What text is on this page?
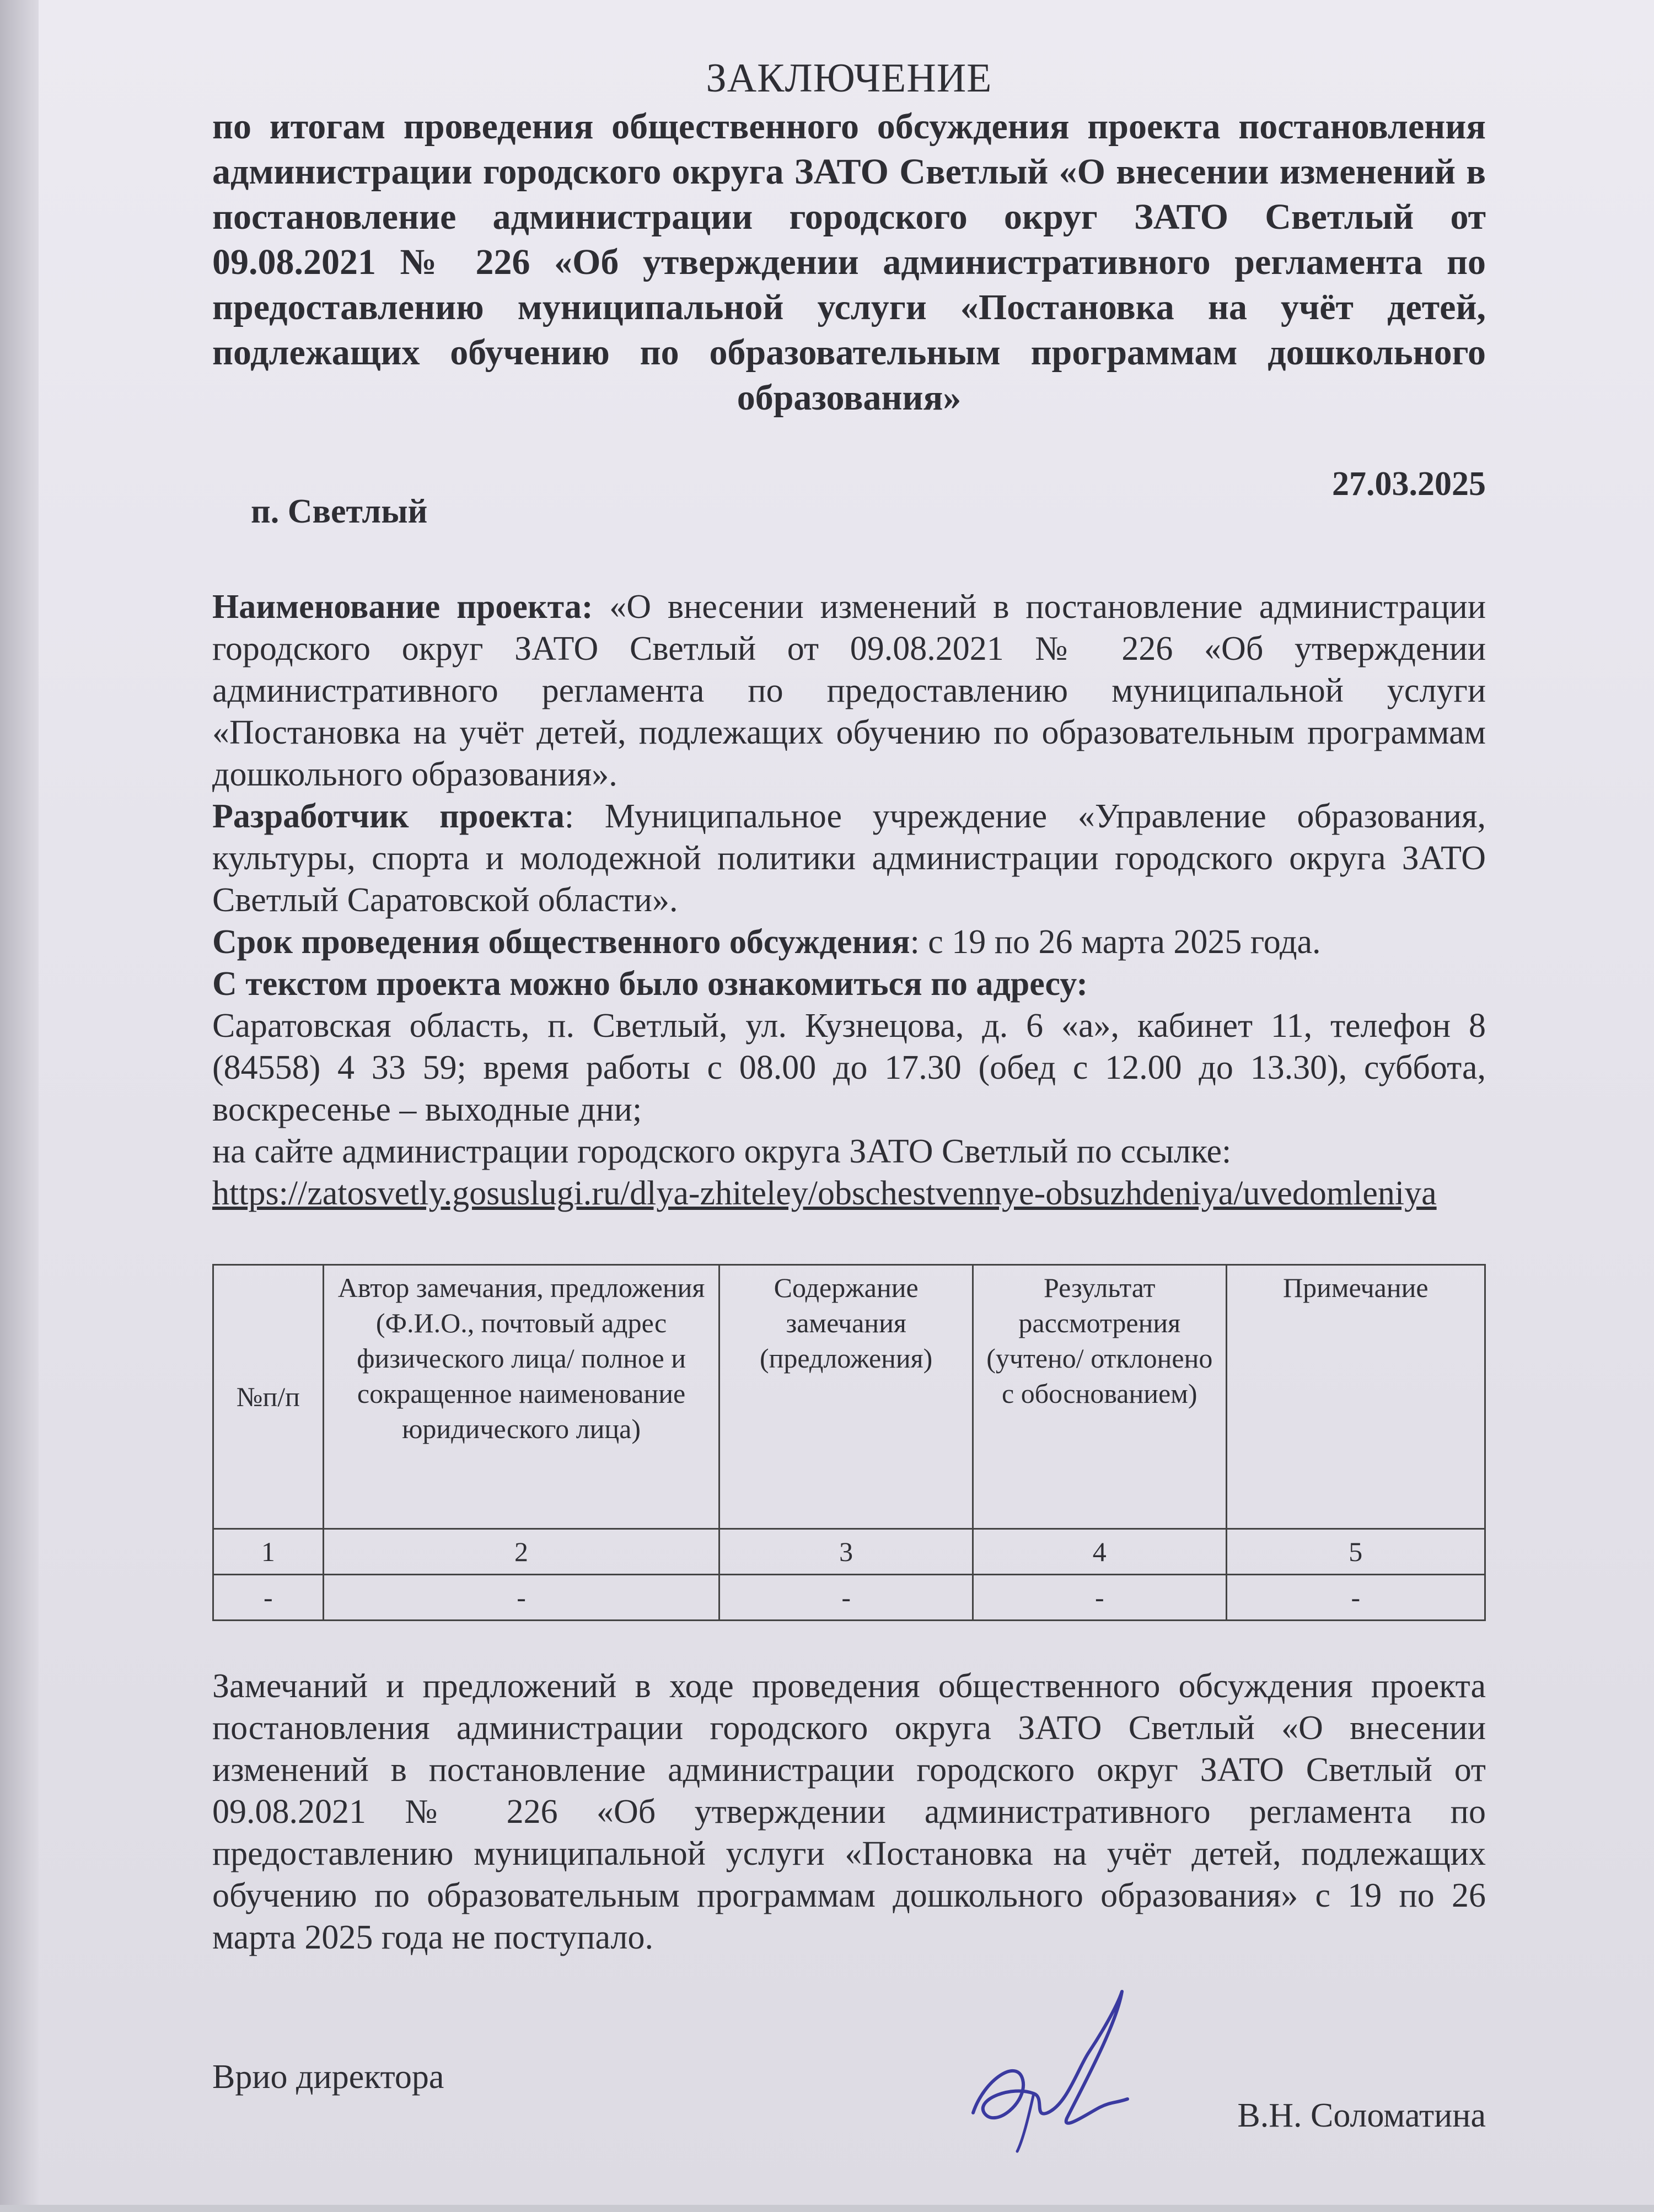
ЗАКЛЮЧЕНИЕ
по итогам проведения общественного обсуждения проекта постановления администрации городского округа ЗАТО Светлый «О внесении изменений в постановление администрации городского округ ЗАТО Светлый от 09.08.2021 № 226 «Об утверждении административного регламента по предоставлению муниципальной услуги «Постановка на учёт детей, подлежащих обучению по образовательным программам дошкольного образования»
п. Светлый
27.03.2025

Наименование проекта: «О внесении изменений в постановление администрации городского округ ЗАТО Светлый от 09.08.2021 № 226 «Об утверждении административного регламента по предоставлению муниципальной услуги «Постановка на учёт детей, подлежащих обучению по образовательным программам дошкольного образования».

Разработчик проекта: Муниципальное учреждение «Управление образования, культуры, спорта и молодежной политики администрации городского округа ЗАТО Светлый Саратовской области».

Срок проведения общественного обсуждения: с 19 по 26 марта 2025 года.

С текстом проекта можно было ознакомиться по адресу:

Саратовская область, п. Светлый, ул. Кузнецова, д. 6 «а», кабинет 11, телефон 8 (84558) 4 33 59; время работы с 08.00 до 17.30 (обед с 12.00 до 13.30), суббота, воскресенье – выходные дни;

на сайте администрации городского округа ЗАТО Светлый по ссылке:

https://zatosvetly.gosuslugi.ru/dlya-zhiteley/obschestvennye-obsuzhdeniya/uvedomleniya

№п/п	Автор замечания, предложения (Ф.И.О., почтовый адрес физического лица/ полное и сокращенное наименование юридического лица)	Содержание замечания (предложения)	Результат рассмотрения (учтено/ отклонено с обоснованием)	Примечание
1	2	3	4	5
-	-	-	-	-
Замечаний и предложений в ходе проведения общественного обсуждения проекта постановления администрации городского округа ЗАТО Светлый «О внесении изменений в постановление администрации городского округ ЗАТО Светлый от 09.08.2021 № 226 «Об утверждении административного регламента по предоставлению муниципальной услуги «Постановка на учёт детей, подлежащих обучению по образовательным программам дошкольного образования» с 19 по 26 марта 2025 года не поступало.
Врио директора
В.Н. Соломатина
